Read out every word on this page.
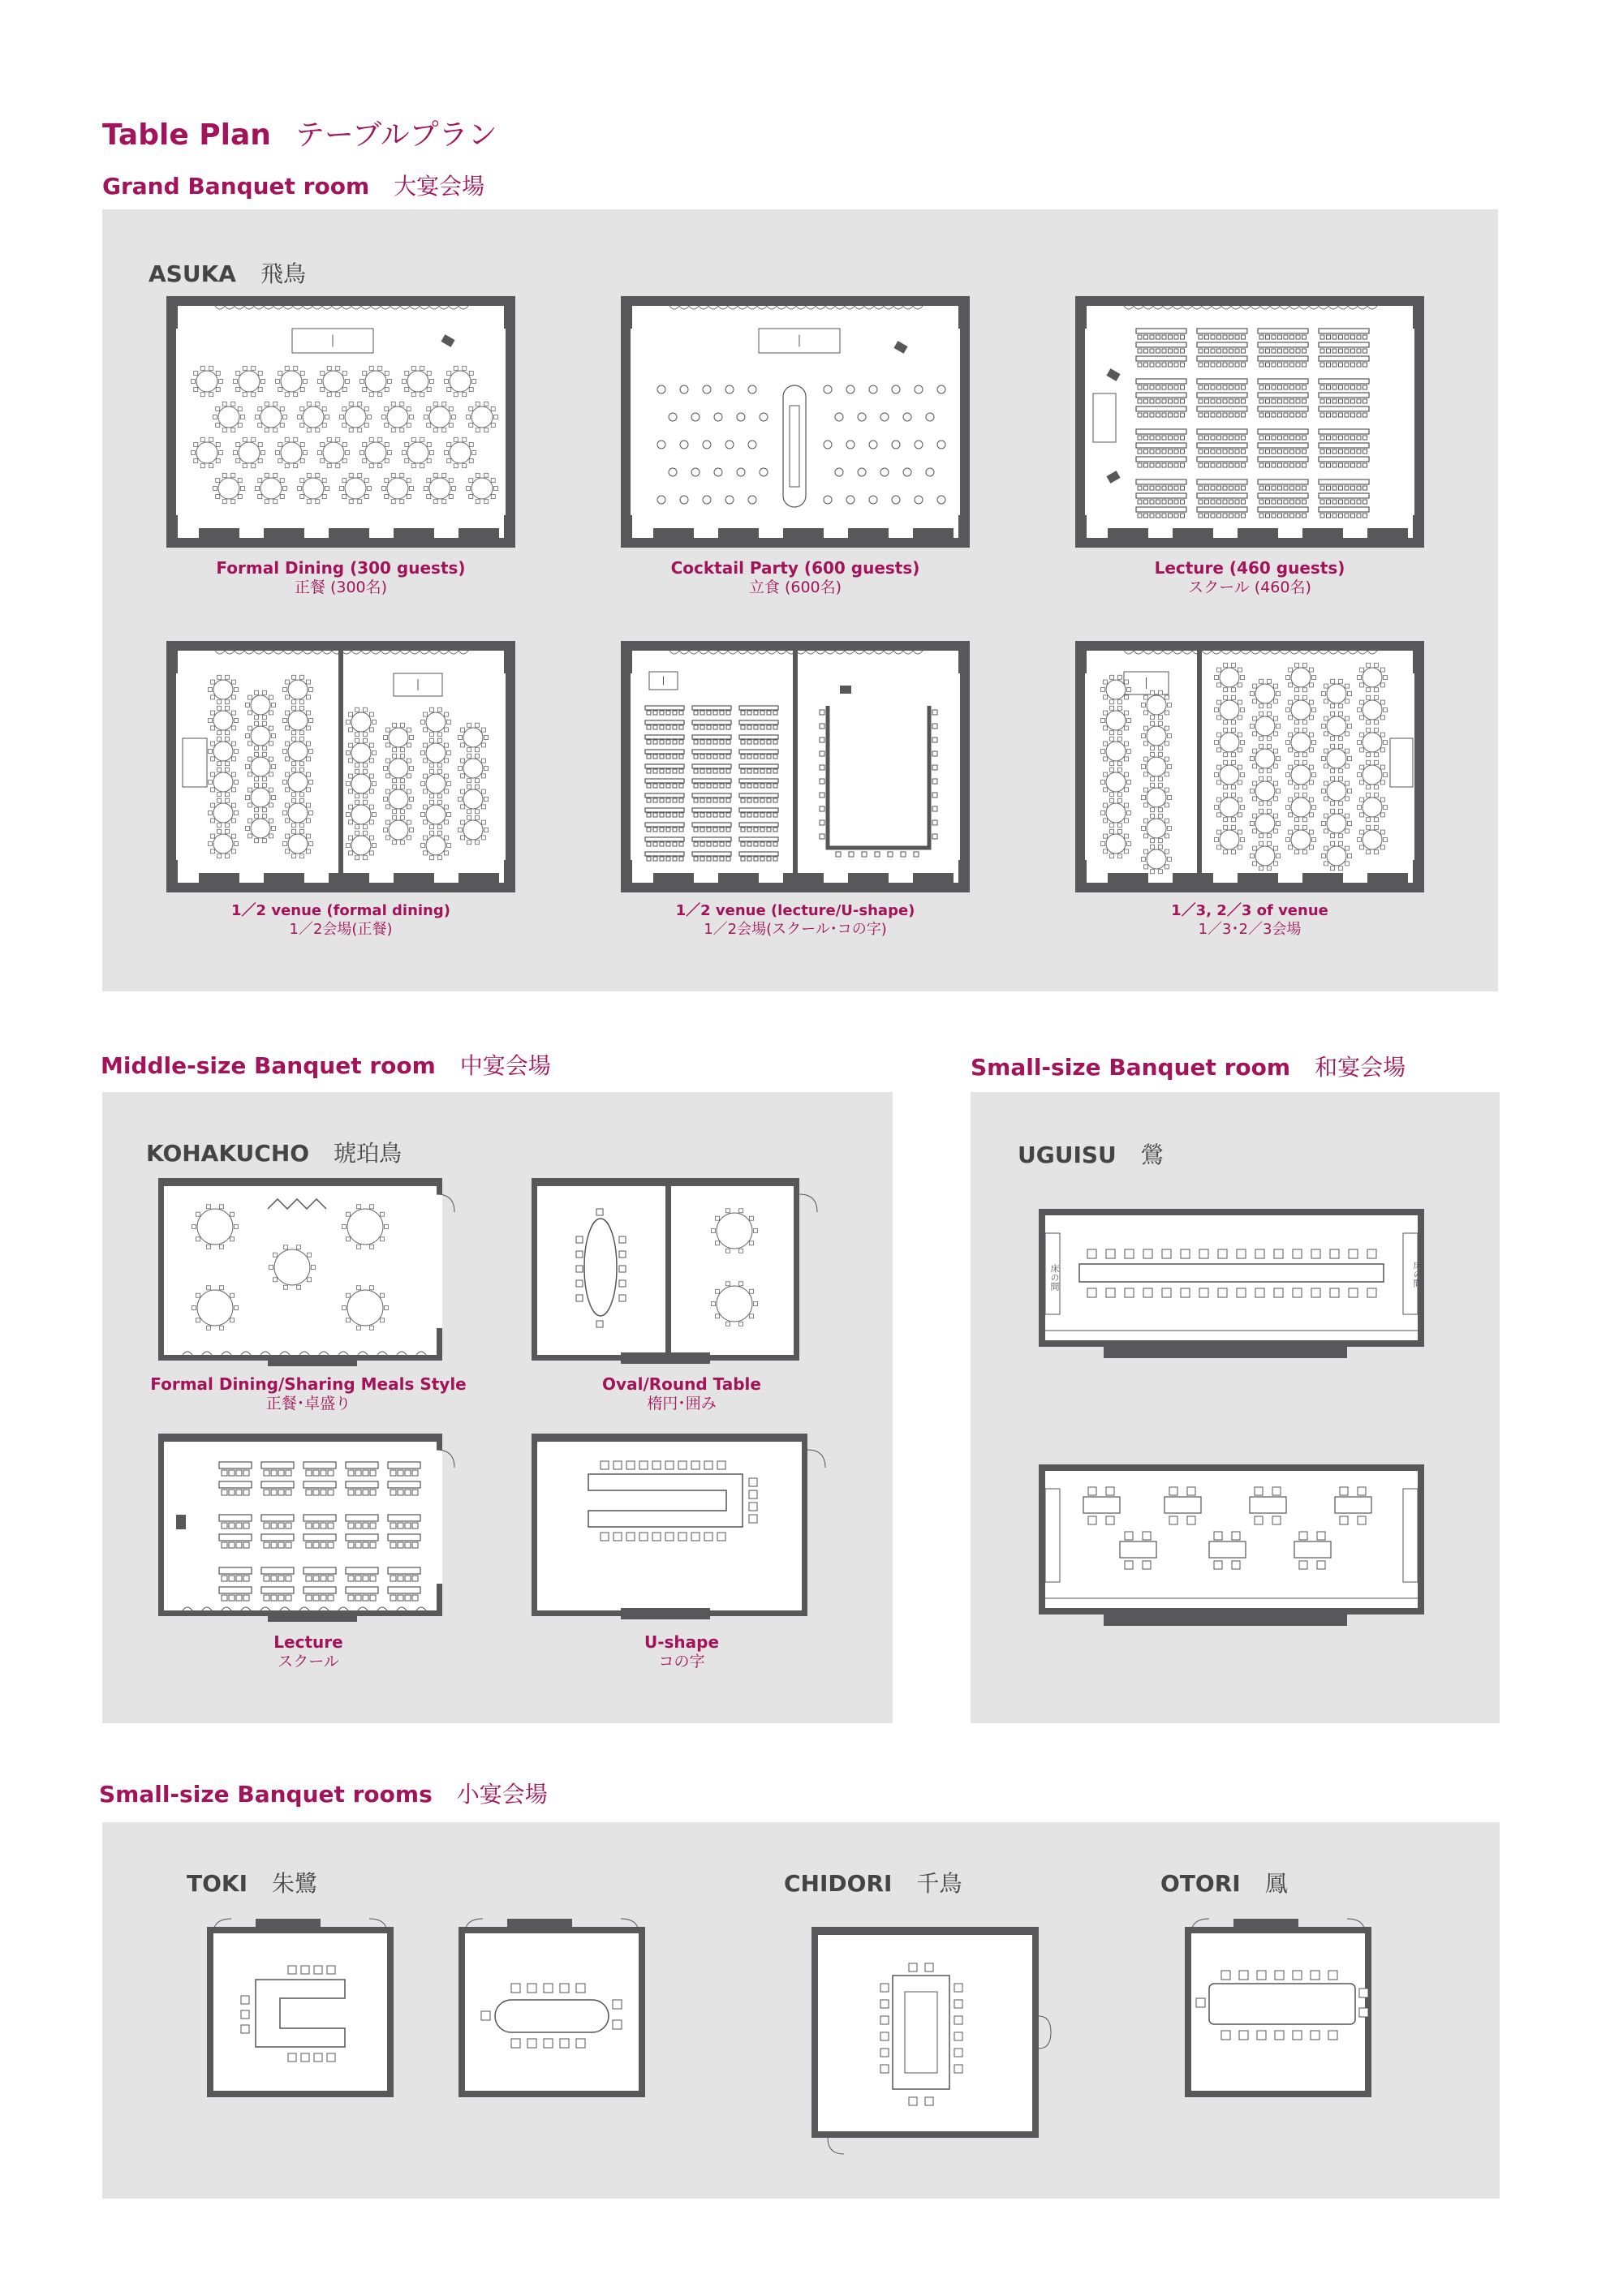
Table Plan テーブルプラン
Grand Banquet room 大宴会場
ASUKA 飛鳥
Formal Dining (300 guests)
正餐 (300名)
Cocktail Party (600 guests)
立食 (600名)
Lecture (460 guests)
スクール (460名)
1／2 venue (formal dining)
1／2会場(正餐)
1／2 venue (lecture/U-shape)
1／2会場(スクール･コの字)
1／3, 2／3 of venue
1／3･2／3会場
Middle-size Banquet room 中宴会場
KOHAKUCHO 琥珀鳥
Formal Dining/Sharing Meals Style
正餐･卓盛り
Oval/Round Table
楕円･囲み
Lecture
スクール
U-shape
コの字
Small-size Banquet room 和宴会場
UGUISU 鶯
床の間	床の間
Small-size Banquet rooms 小宴会場
TOKI 朱鷺	CHIDORI 千鳥	OTORI 鳳
